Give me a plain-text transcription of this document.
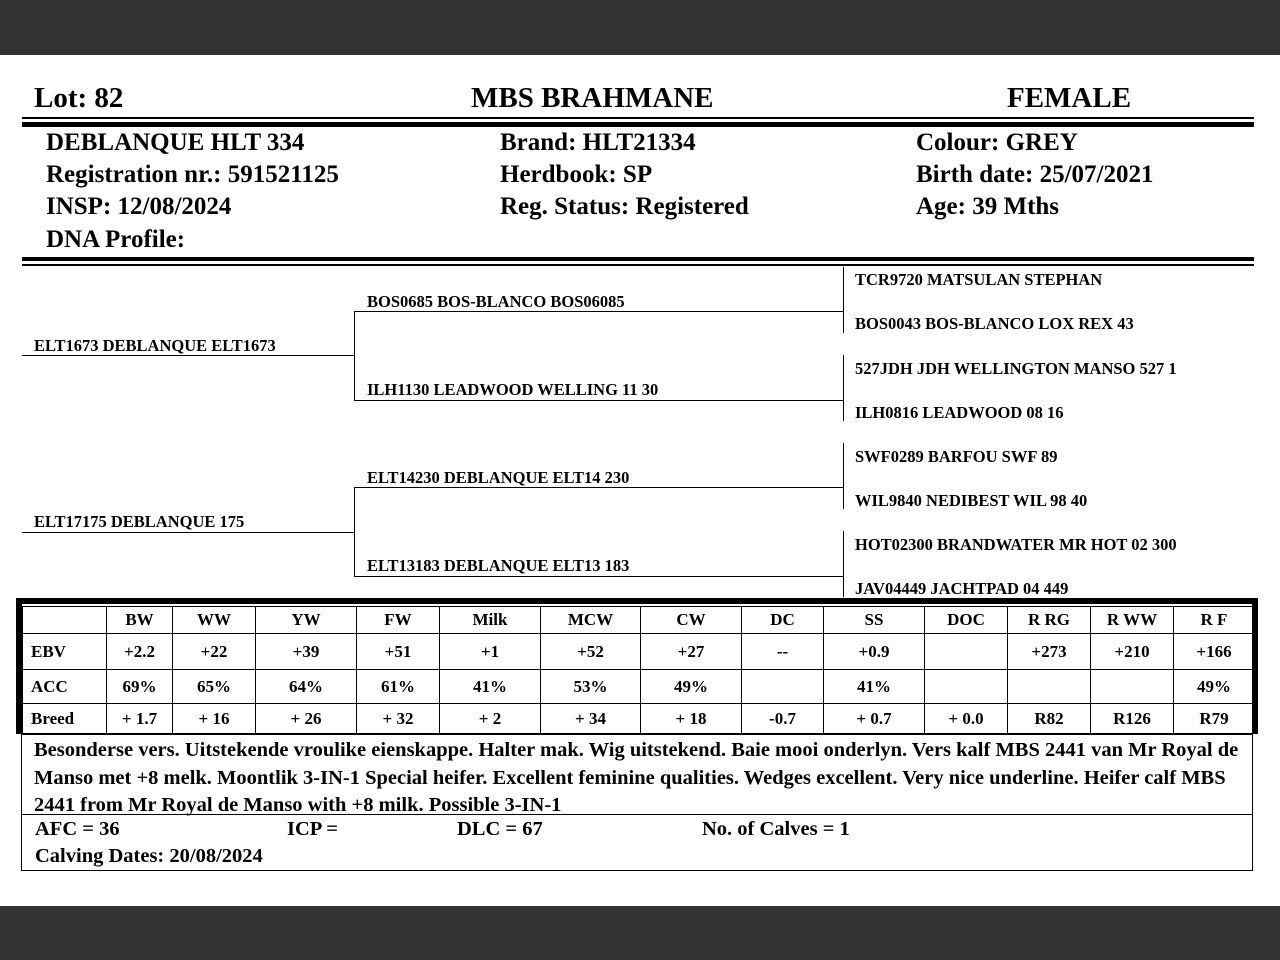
Lot: 82	MBS BRAHMANE	FEMALE
DEBLANQUE HLT 334
Registration nr.: 591521125
INSP: 12/08/2024
DNA Profile:
Brand: HLT21334
Herdbook: SP
Reg. Status: Registered
Colour: GREY
Birth date: 25/07/2021
Age: 39 Mths
ELT1673 DEBLANQUE ELT1673
ELT17175 DEBLANQUE 175
BOS0685 BOS-BLANCO BOS06085
ILH1130 LEADWOOD WELLING 11 30
ELT14230 DEBLANQUE ELT14 230
ELT13183 DEBLANQUE ELT13 183
TCR9720 MATSULAN STEPHAN
BOS0043 BOS-BLANCO LOX REX 43
527JDH JDH WELLINGTON MANSO 527 1
ILH0816 LEADWOOD 08 16
SWF0289 BARFOU SWF 89
WIL9840 NEDIBEST WIL 98 40
HOT02300 BRANDWATER MR HOT 02 300
JAV04449 JACHTPAD 04 449
	BW	WW	YW	FW	Milk	MCW	CW	DC	SS	DOC	R RG	R WW	R F
EBV	+2.2	+22	+39	+51	+1	+52	+27	--	+0.9		+273	+210	+166
ACC	69%	65%	64%	61%	41%	53%	49%		41%				49%
Breed	+ 1.7	+ 16	+ 26	+ 32	+ 2	+ 34	+ 18	-0.7	+ 0.7	+ 0.0	R82	R126	R79
Besonderse vers. Uitstekende vroulike eienskappe. Halter mak. Wig uitstekend. Baie mooi onderlyn. Vers kalf MBS 2441 van Mr Royal de Manso met +8 melk. Moontlik 3-IN-1 Special heifer. Excellent feminine qualities. Wedges excellent. Very nice underline. Heifer calf MBS 2441 from Mr Royal de Manso with +8 milk. Possible 3-IN-1
AFC = 36	ICP =	DLC = 67	No. of Calves = 1
Calving Dates: 20/08/2024
